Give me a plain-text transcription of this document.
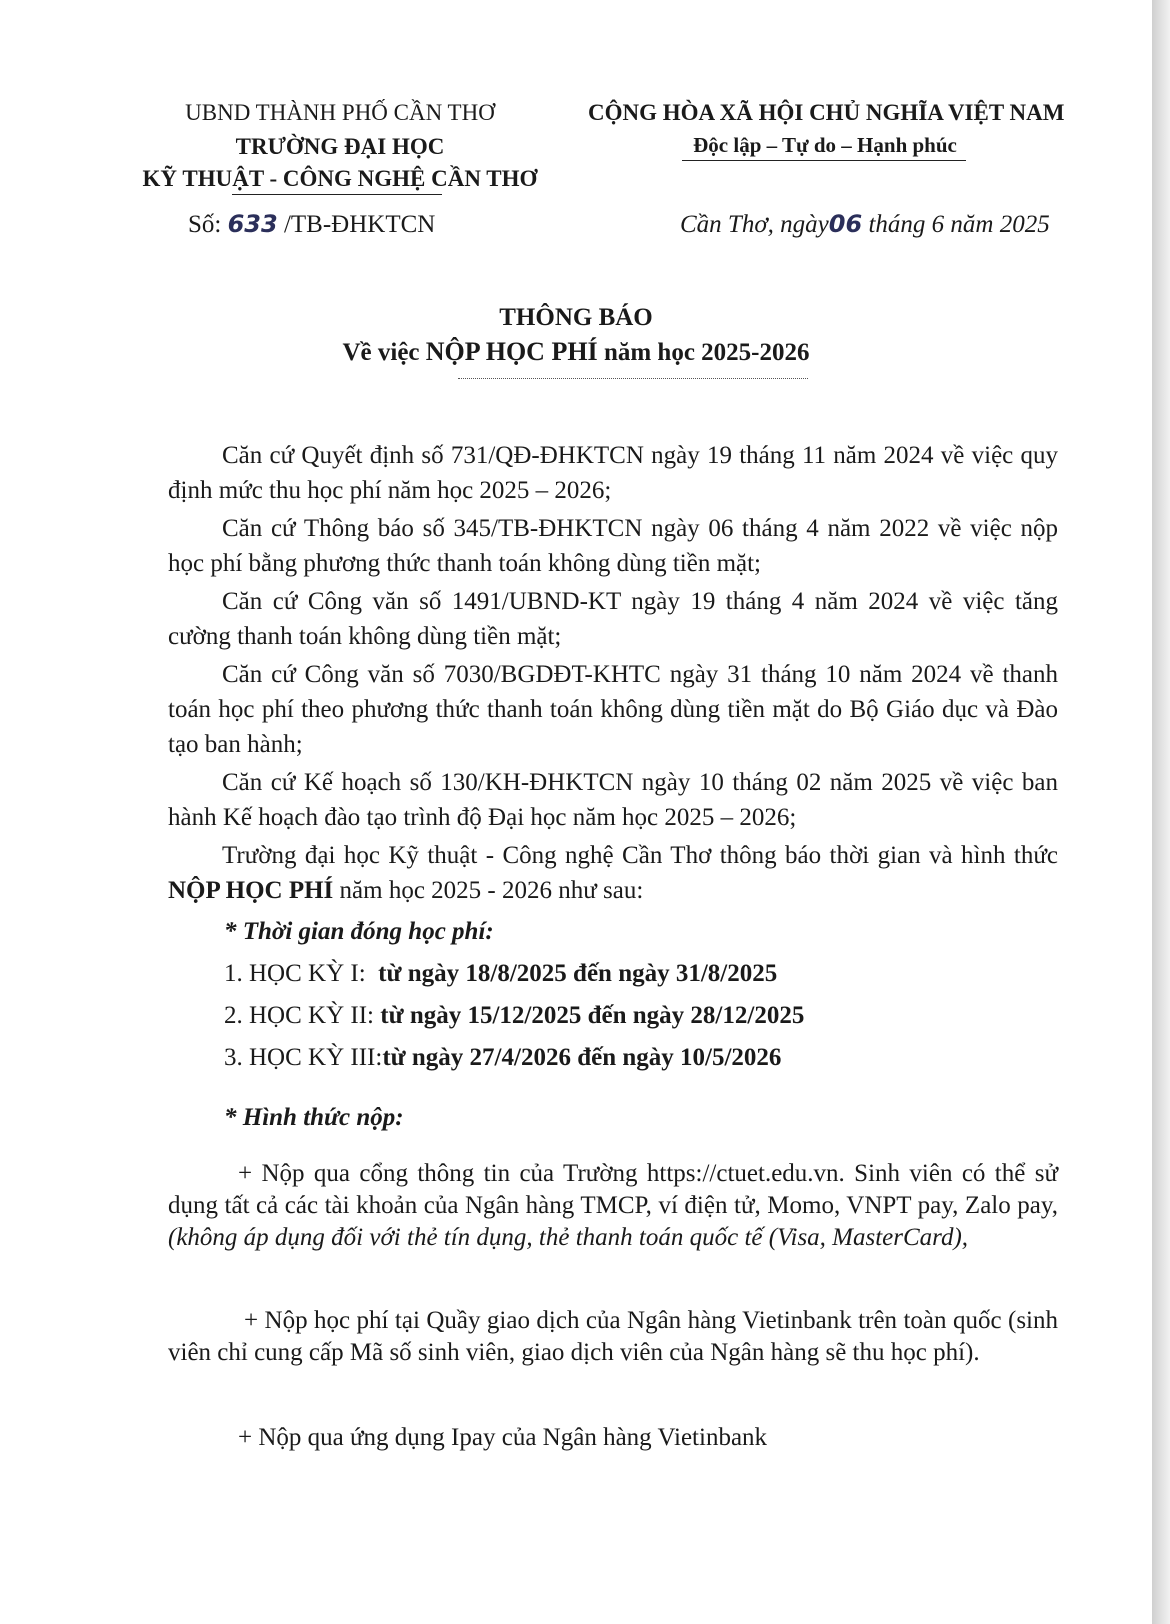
UBND THÀNH PHỐ CẦN THƠ
TRƯỜNG ĐẠI HỌC
KỸ THUẬT - CÔNG NGHỆ CẦN THƠ
Số: 633 /TB-ĐHKTCN
CỘNG HÒA XÃ HỘI CHỦ NGHĨA VIỆT NAM
Độc lập – Tự do – Hạnh phúc
Cần Thơ, ngày06 tháng 6 năm 2025
THÔNG BÁO
Về việc NỘP HỌC PHÍ năm học 2025-2026
Căn cứ Quyết định số 731/QĐ-ĐHKTCN ngày 19 tháng 11 năm 2024 về việc quy định mức thu học phí năm học 2025 – 2026;
Căn cứ Thông báo số 345/TB-ĐHKTCN ngày 06 tháng 4 năm 2022 về việc nộp học phí bằng phương thức thanh toán không dùng tiền mặt;
Căn cứ Công văn số 1491/UBND-KT ngày 19 tháng 4 năm 2024 về việc tăng cường thanh toán không dùng tiền mặt;
Căn cứ Công văn số 7030/BGDĐT-KHTC ngày 31 tháng 10 năm 2024 về thanh toán học phí theo phương thức thanh toán không dùng tiền mặt do Bộ Giáo dục và Đào tạo ban hành;
Căn cứ Kế hoạch số 130/KH-ĐHKTCN ngày 10 tháng 02 năm 2025 về việc ban hành Kế hoạch đào tạo trình độ Đại học năm học 2025 – 2026;
Trường đại học Kỹ thuật - Công nghệ Cần Thơ thông báo thời gian và hình thức NỘP HỌC PHÍ năm học 2025 - 2026 như sau:
* Thời gian đóng học phí:
1. HỌC KỲ I:  từ ngày 18/8/2025 đến ngày 31/8/2025
2. HỌC KỲ II: từ ngày 15/12/2025 đến ngày 28/12/2025
3. HỌC KỲ III:từ ngày 27/4/2026 đến ngày 10/5/2026
* Hình thức nộp:
+ Nộp qua cổng thông tin của Trường https://ctuet.edu.vn. Sinh viên có thể sử dụng tất cả các tài khoản của Ngân hàng TMCP, ví điện tử, Momo, VNPT pay, Zalo pay, (không áp dụng đối với thẻ tín dụng, thẻ thanh toán quốc tế (Visa, MasterCard),
+ Nộp học phí tại Quầy giao dịch của Ngân hàng Vietinbank trên toàn quốc (sinh viên chỉ cung cấp Mã số sinh viên, giao dịch viên của Ngân hàng sẽ thu học phí).
+ Nộp qua ứng dụng Ipay của Ngân hàng Vietinbank
